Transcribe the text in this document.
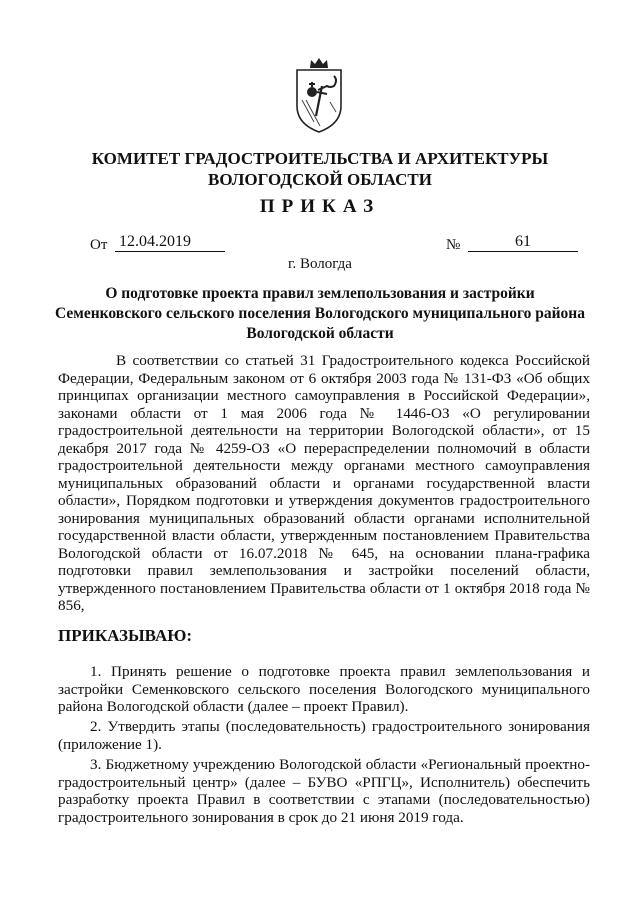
КОМИТЕТ ГРАДОСТРОИТЕЛЬСТВА И АРХИТЕКТУРЫ
ВОЛОГОДСКОЙ ОБЛАСТИ
ПРИКАЗ
От 12.04.2019	№	61
г. Вологда
О подготовке проекта правил землепользования и застройки
Семенковского сельского поселения Вологодского муниципального района
Вологодской области
В соответствии со статьей 31 Градостроительного кодекса Российской Федерации, Федеральным законом от 6 октября 2003 года № 131-ФЗ «Об общих принципах организации местного самоуправления в Российской Федерации», законами области от 1 мая 2006 года № 1446-ОЗ «О регулировании градостроительной деятельности на территории Вологодской области», от 15 декабря 2017 года № 4259-ОЗ «О перераспределении полномочий в области градостроительной деятельности между органами местного самоуправления муниципальных образований области и органами государственной власти области», Порядком подготовки и утверждения документов градостроительного зонирования муниципальных образований области органами исполнительной государственной власти области, утвержденным постановлением Правительства Вологодской области от 16.07.2018 № 645, на основании плана-графика подготовки правил землепользования и застройки поселений области, утвержденного постановлением Правительства области от 1 октября 2018 года № 856,
ПРИКАЗЫВАЮ:
1. Принять решение о подготовке проекта правил землепользования и застройки Семенковского сельского поселения Вологодского муниципального района Вологодской области (далее – проект Правил).
2. Утвердить этапы (последовательность) градостроительного зонирования (приложение 1).
3. Бюджетному учреждению Вологодской области «Региональный проектно-градостроительный центр» (далее – БУВО «РПГЦ», Исполнитель) обеспечить разработку проекта Правил в соответствии с этапами (последовательностью) градостроительного зонирования в срок до 21 июня 2019 года.
